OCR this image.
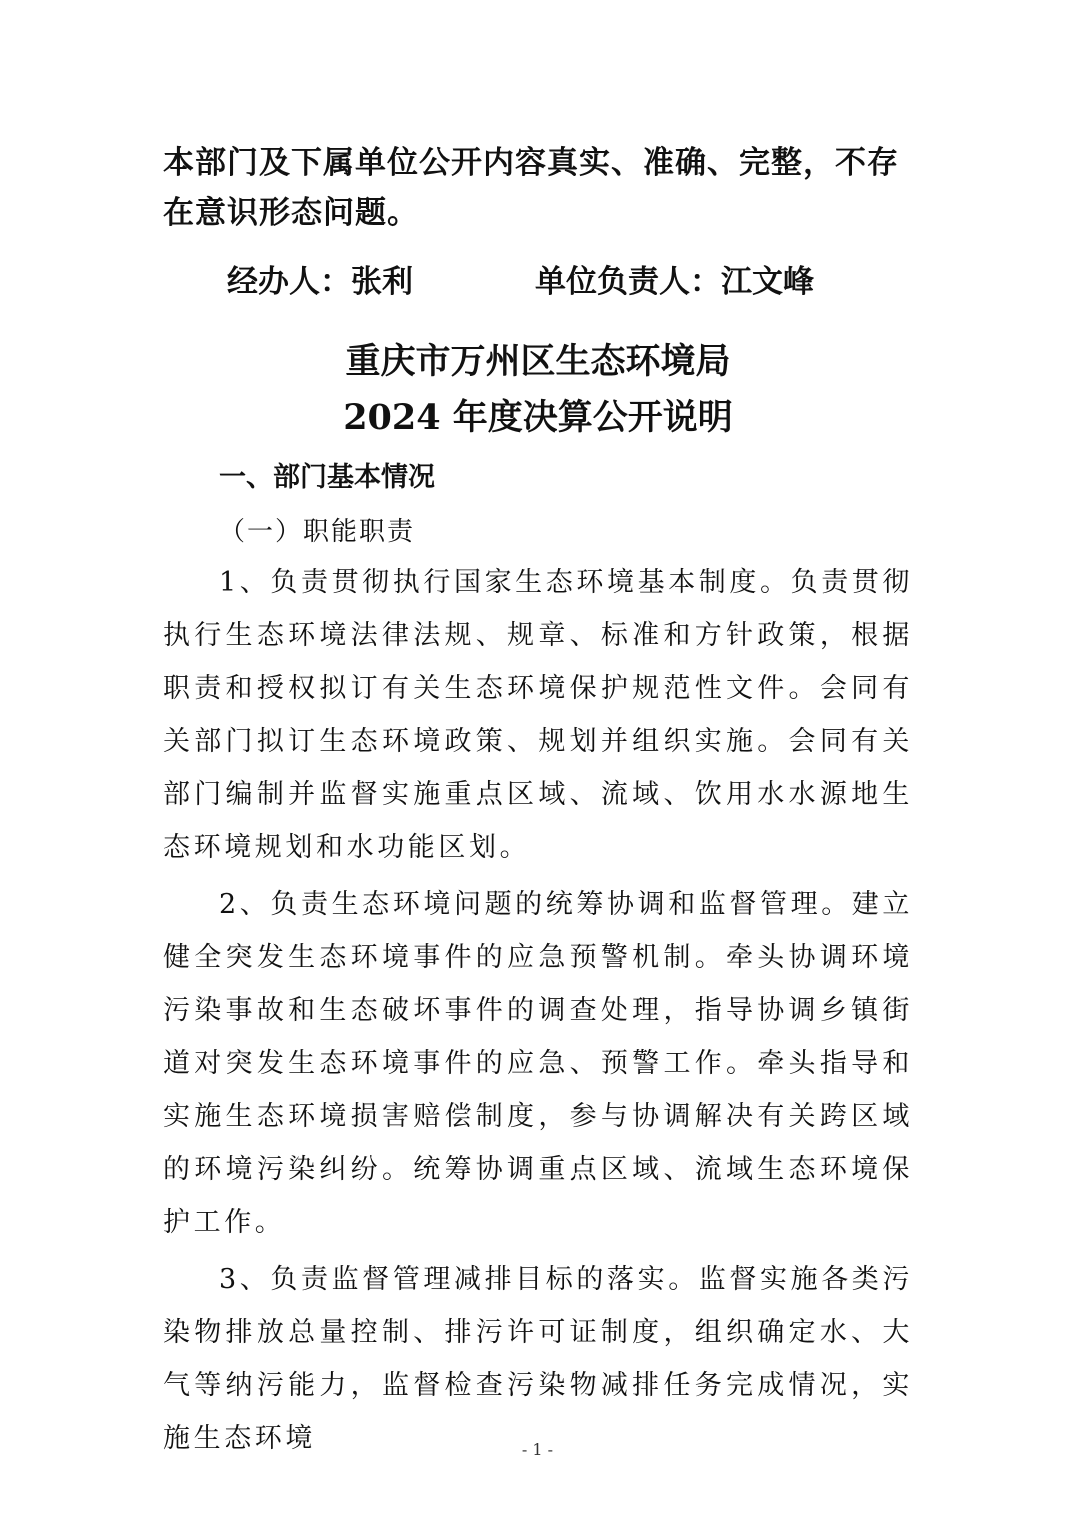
本部门及下属单位公开内容真实、准确、完整，不存在意识形态问题。

经办人：张利	单位负责人：江文峰

重庆市万州区生态环境局

2024 年度决算公开说明

一、部门基本情况

（一）职能职责

1、负责贯彻执行国家生态环境基本制度。负责贯彻执行生态环境法律法规、规章、标准和方针政策，根据职责和授权拟订有关生态环境保护规范性文件。会同有关部门拟订生态环境政策、规划并组织实施。会同有关部门编制并监督实施重点区域、流域、饮用水水源地生态环境规划和水功能区划。

2、负责生态环境问题的统筹协调和监督管理。建立健全突发生态环境事件的应急预警机制。牵头协调环境污染事故和生态破坏事件的调查处理，指导协调乡镇街道对突发生态环境事件的应急、预警工作。牵头指导和实施生态环境损害赔偿制度，参与协调解决有关跨区域的环境污染纠纷。统筹协调重点区域、流域生态环境保护工作。

3、负责监督管理减排目标的落实。监督实施各类污染物排放总量控制、排污许可证制度，组织确定水、大气等纳污能力，监督检查污染物减排任务完成情况，实施生态环境	- 1 -
